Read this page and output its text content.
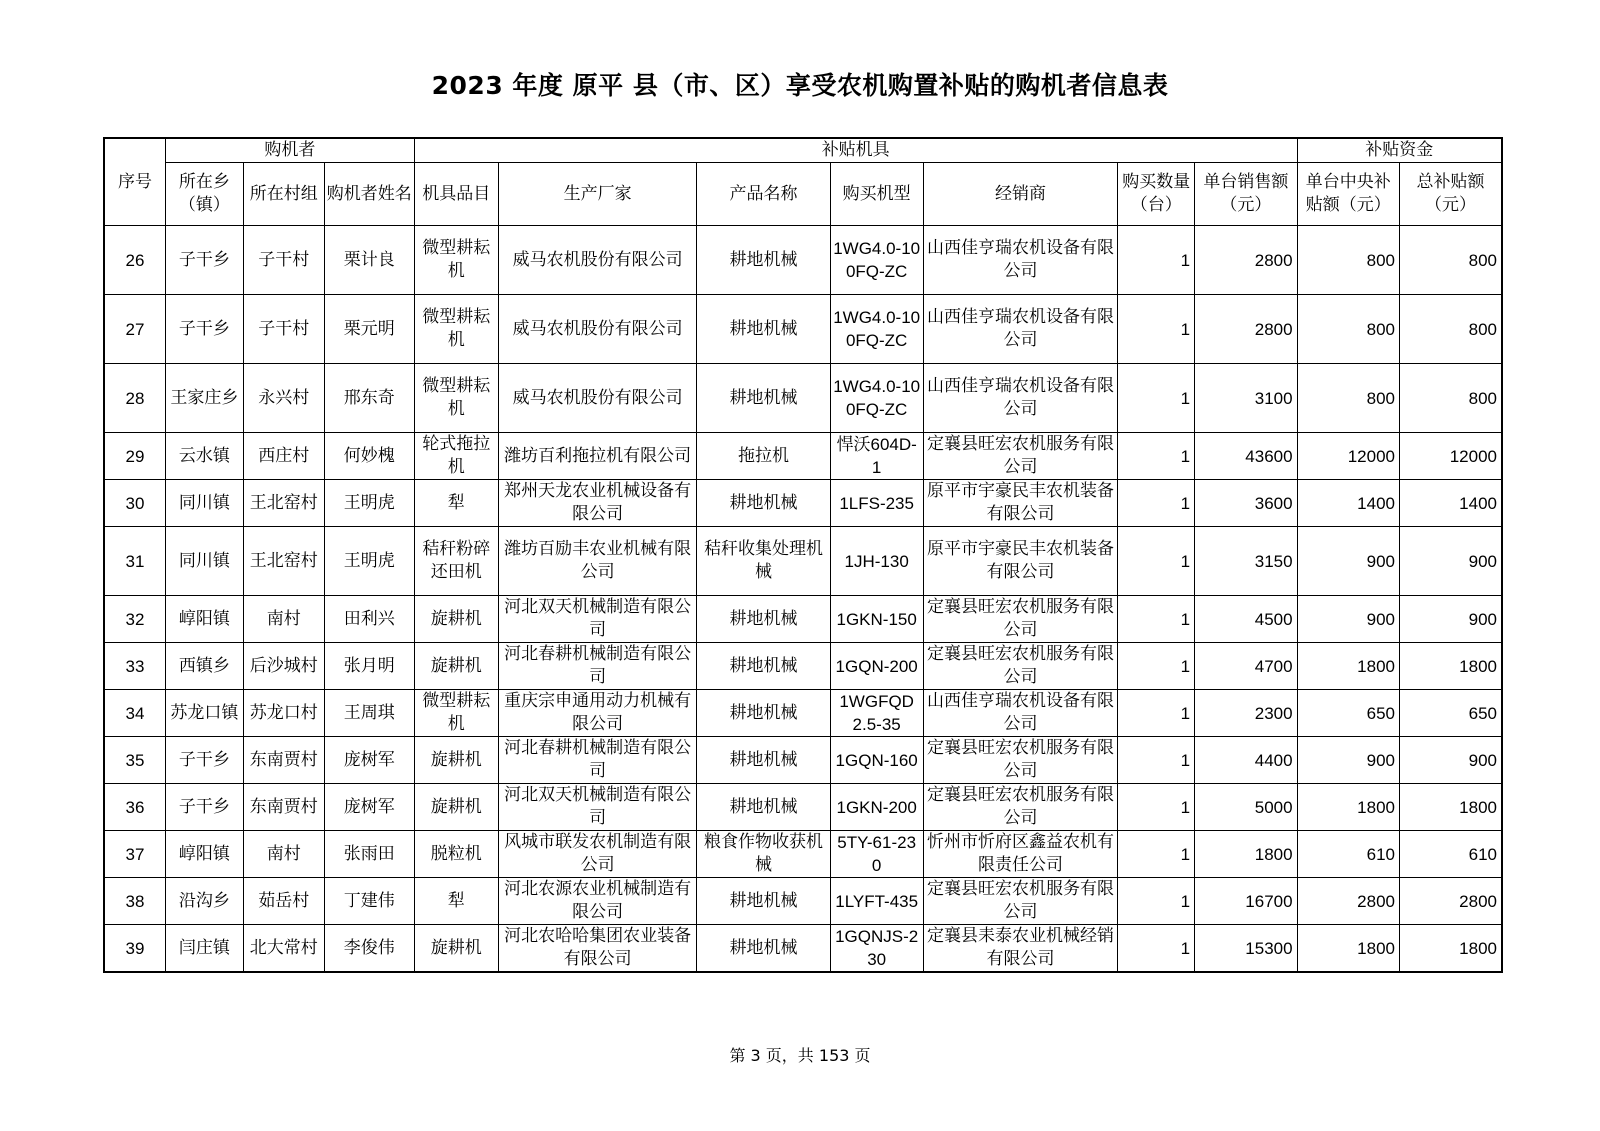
2023 年度 原平 县（市、区）享受农机购置补贴的购机者信息表
序号	购机者			补贴机具							补贴资金	
	所在乡（镇）	所在村组	购机者姓名	机具品目	生产厂家	产品名称	购买机型	经销商	购买数量（台）	单台销售额（元）	单台中央补贴额（元）	总补贴额（元）
26	子干乡	子干村	栗计良	微型耕耘机	威马农机股份有限公司	耕地机械	1WG4.0-100FQ-ZC	山西佳亨瑞农机设备有限公司	1	2800	800	800
27	子干乡	子干村	栗元明	微型耕耘机	威马农机股份有限公司	耕地机械	1WG4.0-100FQ-ZC	山西佳亨瑞农机设备有限公司	1	2800	800	800
28	王家庄乡	永兴村	邢东奇	微型耕耘机	威马农机股份有限公司	耕地机械	1WG4.0-100FQ-ZC	山西佳亨瑞农机设备有限公司	1	3100	800	800
29	云水镇	西庄村	何妙槐	轮式拖拉机	潍坊百利拖拉机有限公司	拖拉机	悍沃604D-1	定襄县旺宏农机服务有限公司	1	43600	12000	12000
30	同川镇	王北窑村	王明虎	犁	郑州天龙农业机械设备有限公司	耕地机械	1LFS-235	原平市宇豪民丰农机装备有限公司	1	3600	1400	1400
31	同川镇	王北窑村	王明虎	秸秆粉碎还田机	潍坊百励丰农业机械有限公司	秸秆收集处理机械	1JH-130	原平市宇豪民丰农机装备有限公司	1	3150	900	900
32	崞阳镇	南村	田利兴	旋耕机	河北双天机械制造有限公司	耕地机械	1GKN-150	定襄县旺宏农机服务有限公司	1	4500	900	900
33	西镇乡	后沙城村	张月明	旋耕机	河北春耕机械制造有限公司	耕地机械	1GQN-200	定襄县旺宏农机服务有限公司	1	4700	1800	1800
34	苏龙口镇	苏龙口村	王周琪	微型耕耘机	重庆宗申通用动力机械有限公司	耕地机械	1WGFQD2.5-35	山西佳亨瑞农机设备有限公司	1	2300	650	650
35	子干乡	东南贾村	庞树军	旋耕机	河北春耕机械制造有限公司	耕地机械	1GQN-160	定襄县旺宏农机服务有限公司	1	4400	900	900
36	子干乡	东南贾村	庞树军	旋耕机	河北双天机械制造有限公司	耕地机械	1GKN-200	定襄县旺宏农机服务有限公司	1	5000	1800	1800
37	崞阳镇	南村	张雨田	脱粒机	风城市联发农机制造有限公司	粮食作物收获机械	5TY-61-230	忻州市忻府区鑫益农机有限责任公司	1	1800	610	610
38	沿沟乡	茹岳村	丁建伟	犁	河北农源农业机械制造有限公司	耕地机械	1LYFT-435	定襄县旺宏农机服务有限公司	1	16700	2800	2800
39	闫庄镇	北大常村	李俊伟	旋耕机	河北农哈哈集团农业装备有限公司	耕地机械	1GQNJS-230	定襄县耒泰农业机械经销有限公司	1	15300	1800	1800
第 3 页，共 153 页
